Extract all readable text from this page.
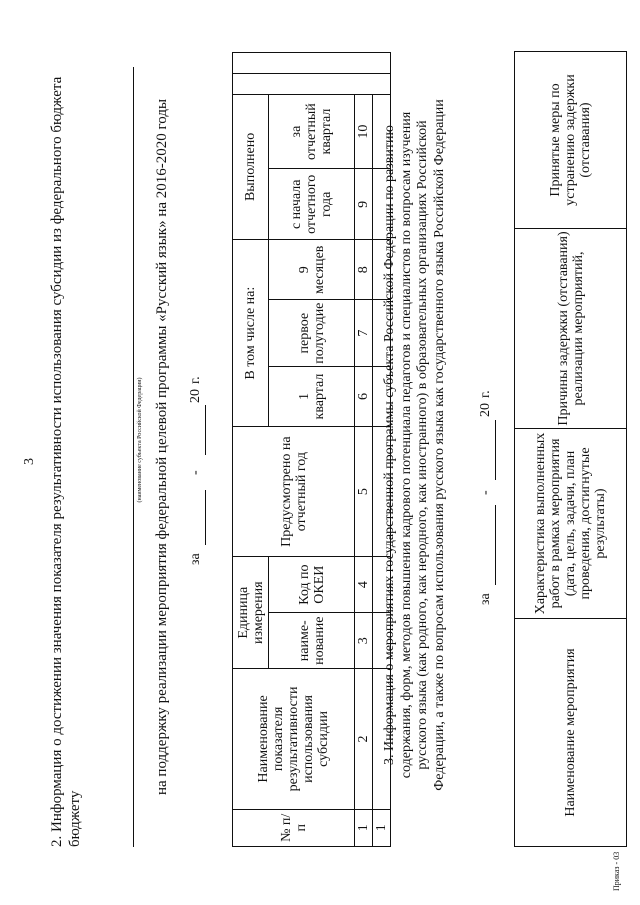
3 2. Информация о достижении значения показателя результативности использования субсидии из федерального бюджета бюджету
(наименование субъекта Российской Федерации) на поддержку реализации мероприятия федеральной целевой программы «Русский язык» на 2016-2020 годы за
-
20
г.
№ п/п	Наименование показателя результативности использования субсидии	Единица измерения		Предусмотрено на отчетный год	В том числе на:			Выполнено			
		наиме-нование	Код по ОКЕИ		1 квартал	первое полугодие	9 месяцев	с начала отчетного года	за отчетный квартал		
1	2	3	4	5	6	7	8	9	10		
1											
3. Информация о мероприятиях государственной программы субъекта Российской Федерации по развитию содержания, форм, методов повышения кадрового потенциала педагогов и специалистов по вопросам изучения русского языка (как родного, как неродного, как иностранного) в образовательных организациях Российской Федерации, а также по вопросам использования русского языка как государственного языка Российской Федерации за
-
20
г.
Наименование мероприятия	Характеристика выполненных работ в рамках мероприятия (дата, цель, задачи, план проведения, достигнутые результаты)	Причины задержки (отставания) реализации мероприятий,	Принятые меры по устранению задержки (отставания)
Приказ - 03
